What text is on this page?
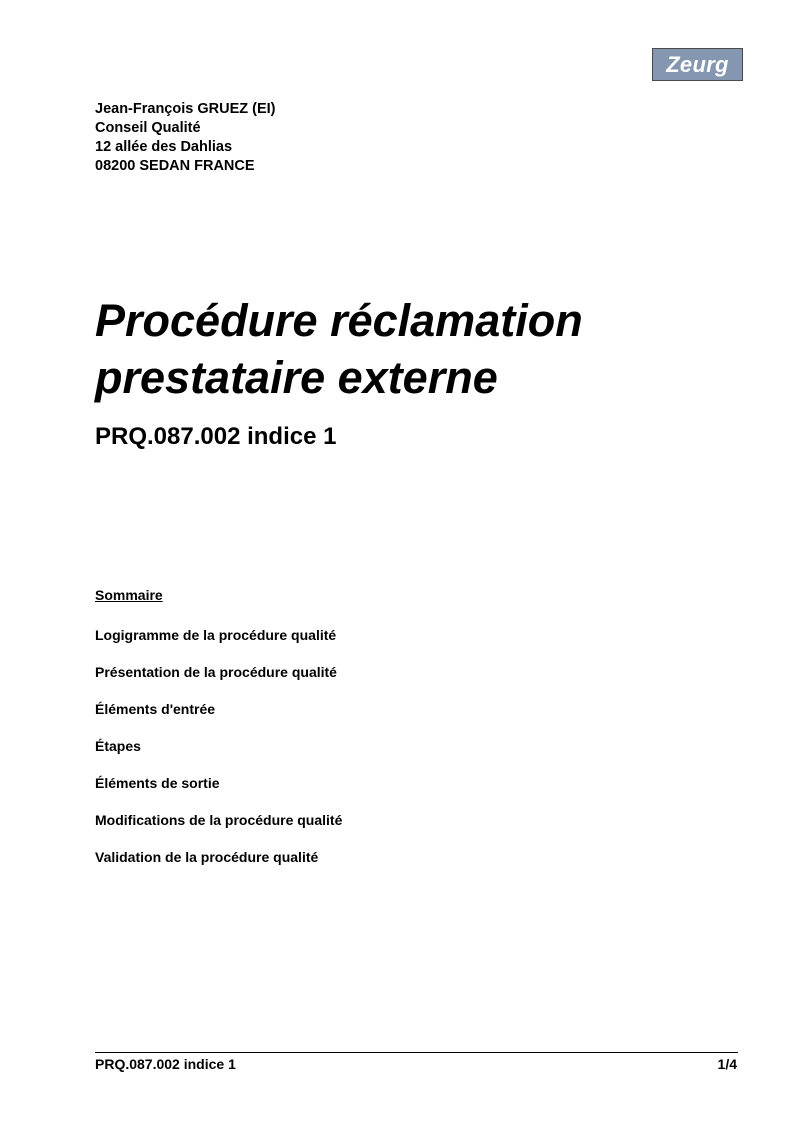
Zeurg
Jean-François GRUEZ (EI)
Conseil Qualité
12 allée des Dahlias
08200 SEDAN FRANCE
Procédure réclamation
prestataire externe
PRQ.087.002 indice 1
Sommaire
Logigramme de la procédure qualité
Présentation de la procédure qualité
Éléments d'entrée
Étapes
Éléments de sortie
Modifications de la procédure qualité
Validation de la procédure qualité
PRQ.087.002 indice 1	1/4
